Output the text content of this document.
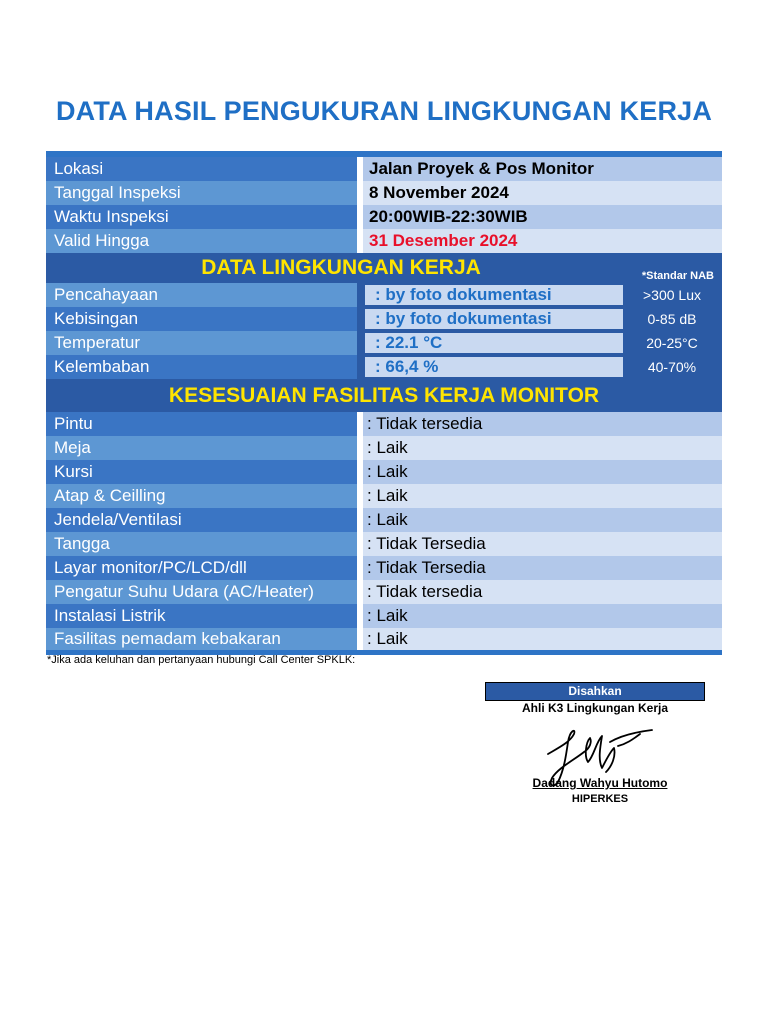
DATA HASIL PENGUKURAN LINGKUNGAN KERJA
Lokasi	Jalan Proyek & Pos Monitor
Tanggal Inspeksi	8 November 2024
Waktu Inspeksi	20:00WIB-22:30WIB
Valid Hingga	31 Desember 2024
DATA LINGKUNGAN KERJA	*Standar NAB
Pencahayaan	: by foto dokumentasi	>300 Lux
Kebisingan	: by foto dokumentasi	0-85 dB
Temperatur	: 22.1 °C	20-25°C
Kelembaban	: 66,4 %	40-70%
KESESUAIAN FASILITAS KERJA MONITOR
Pintu	: Tidak tersedia
Meja	: Laik
Kursi	: Laik
Atap & Ceilling	: Laik
Jendela/Ventilasi	: Laik
Tangga	: Tidak Tersedia
Layar monitor/PC/LCD/dll	: Tidak Tersedia
Pengatur Suhu Udara (AC/Heater)	: Tidak tersedia
Instalasi Listrik	: Laik
Fasilitas pemadam kebakaran	: Laik
*Jika ada keluhan dan pertanyaan hubungi Call Center SPKLK:
Disahkan
Ahli K3 Lingkungan Kerja
Dadang Wahyu Hutomo
HIPERKES
